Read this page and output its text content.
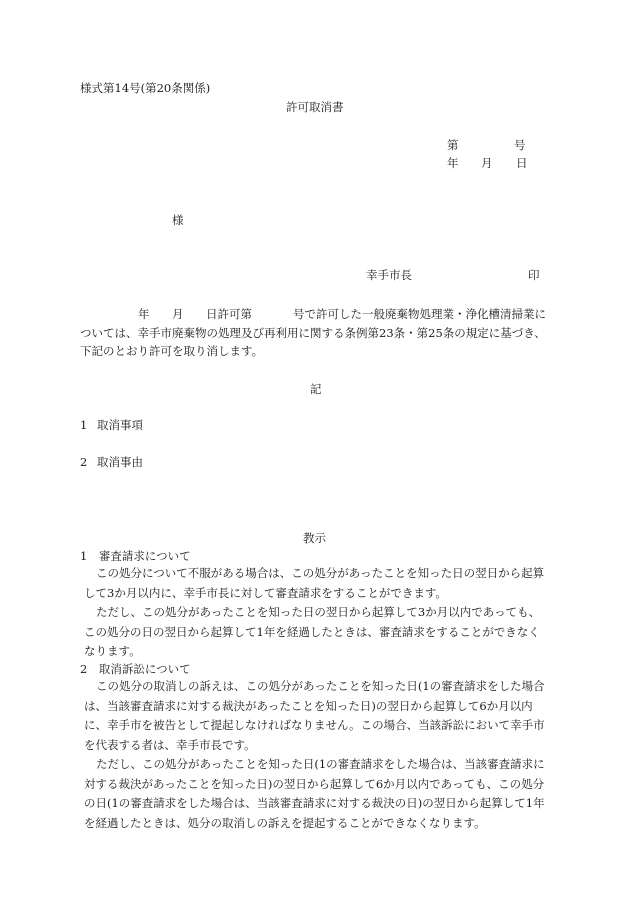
様式第14号(第20条関係)
許可取消書
第	号
年 月 日
様
幸手市長	印
年 月 日許可第	号で許可した一般廃棄物処理業・浄化槽清掃業に
ついては、幸手市廃棄物の処理及び再利用に関する条例第23条・第25条の規定に基づき、
下記のとおり許可を取り消します。
記
1 取消事項
2 取消事由
教示
1　審査請求について
この処分について不服がある場合は、この処分があったことを知った日の翌日から起算
して3か月以内に、幸手市長に対して審査請求をすることができます。
ただし、この処分があったことを知った日の翌日から起算して3か月以内であっても、
この処分の日の翌日から起算して1年を経過したときは、審査請求をすることができなく
なります。
2　取消訴訟について
この処分の取消しの訴えは、この処分があったことを知った日(1の審査請求をした場合
は、当該審査請求に対する裁決があったことを知った日)の翌日から起算して6か月以内
に、幸手市を被告として提起しなければなりません。この場合、当該訴訟において幸手市
を代表する者は、幸手市長です。
ただし、この処分があったことを知った日(1の審査請求をした場合は、当該審査請求に
対する裁決があったことを知った日)の翌日から起算して6か月以内であっても、この処分
の日(1の審査請求をした場合は、当該審査請求に対する裁決の日)の翌日から起算して1年
を経過したときは、処分の取消しの訴えを提起することができなくなります。
